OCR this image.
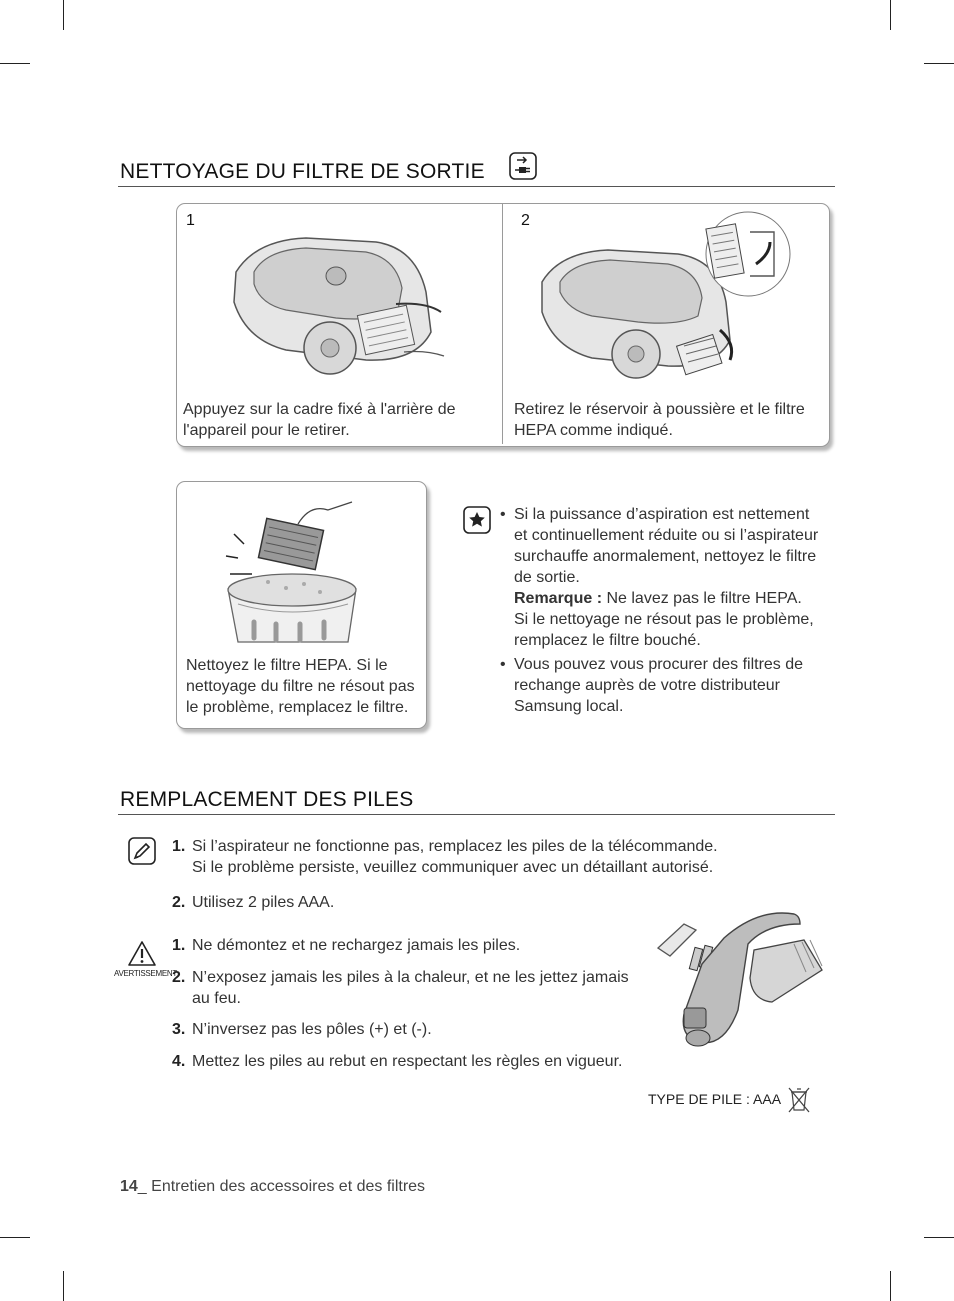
NETTOYAGE DU FILTRE DE SORTIE
1	2
Appuyez sur la cadre fixé à l'arrière de
l'appareil pour le retirer.
Retirez le réservoir à poussière et le filtre
HEPA comme indiqué.
Nettoyez le filtre HEPA. Si le
nettoyage du filtre ne résout pas
le problème, remplacez le filtre.
• Si la puissance d’aspiration est nettement
et continuellement réduite ou si l’aspirateur
surchauffe anormalement, nettoyez le filtre
de sortie.
Remarque : Ne lavez pas le filtre HEPA.
Si le nettoyage ne résout pas le problème,
remplacez le filtre bouché.
• Vous pouvez vous procurer des filtres de
rechange auprès de votre distributeur
Samsung local.
REMPLACEMENT DES PILES
1. Si l’aspirateur ne fonctionne pas, remplacez les piles de la télécommande.
Si le problème persiste, veuillez communiquer avec un détaillant autorisé.
2. Utilisez 2 piles AAA.
AVERTISSEMENT
1. Ne démontez et ne rechargez jamais les piles.
2. N’exposez jamais les piles à la chaleur, et ne les jettez jamais
au feu.
3. N’inversez pas les pôles (+) et (-).
4. Mettez les piles au rebut en respectant les règles en vigueur.
TYPE DE PILE : AAA
14_ Entretien des accessoires et des filtres
